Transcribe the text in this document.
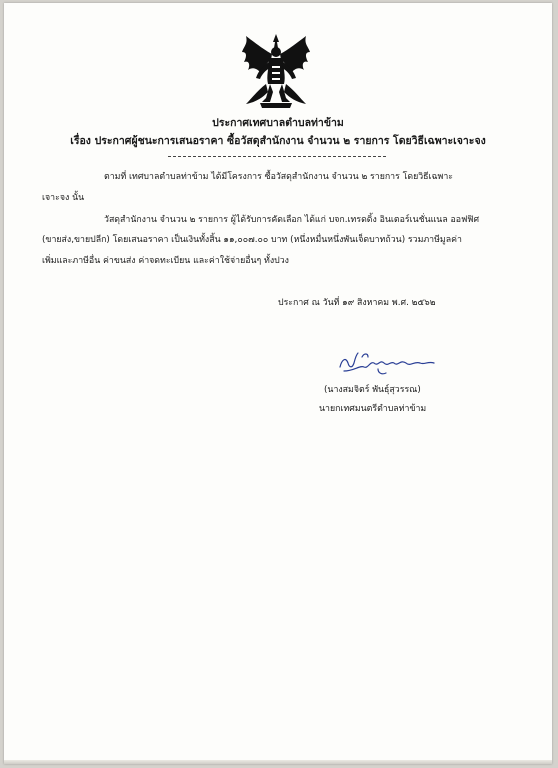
ประกาศเทศบาลตำบลท่าข้าม
เรื่อง ประกาศผู้ชนะการเสนอราคา ซื้อวัสดุสำนักงาน จำนวน ๒ รายการ โดยวิธีเฉพาะเจาะจง
ตามที่ เทศบาลตำบลท่าข้าม ได้มีโครงการ ซื้อวัสดุสำนักงาน จำนวน ๒ รายการ โดยวิธีเฉพาะ
เจาะจง นั้น
วัสดุสำนักงาน จำนวน ๒ รายการ ผู้ได้รับการคัดเลือก ได้แก่ บจก.เทรดดิ้ง อินเตอร์เนชั่นแนล ออฟฟิศ
(ขายส่ง,ขายปลีก) โดยเสนอราคา เป็นเงินทั้งสิ้น ๑๑,๐๐๗.๐๐ บาท (หนึ่งหมื่นหนึ่งพันเจ็ดบาทถ้วน) รวมภาษีมูลค่า
เพิ่มและภาษีอื่น ค่าขนส่ง ค่าจดทะเบียน และค่าใช้จ่ายอื่นๆ ทั้งปวง
ประกาศ ณ วันที่ ๑๙ สิงหาคม พ.ศ. ๒๕๖๒
(นางสมจิตร์ พันธุ์สุวรรณ)
นายกเทศมนตรีตำบลท่าข้าม
